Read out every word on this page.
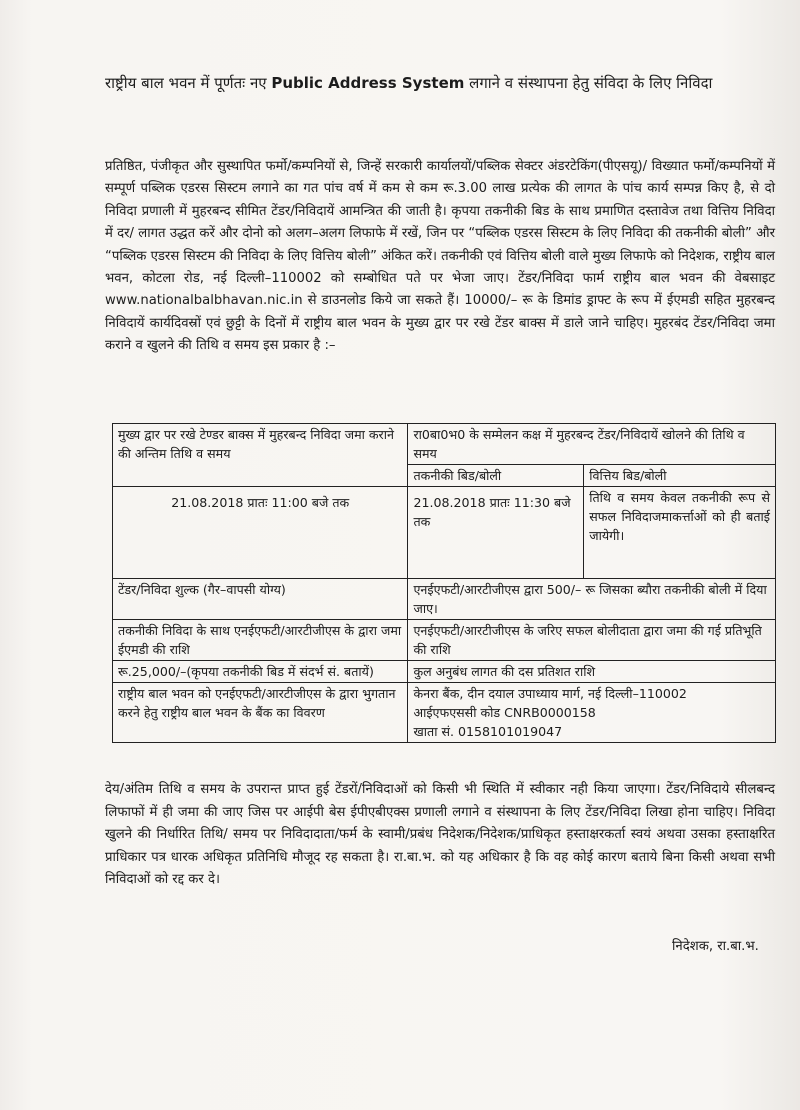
राष्ट्रीय बाल भवन में पूर्णतः नए Public Address System लगाने व संस्थापना हेतु संविदा के लिए निविदा
प्रतिष्ठित, पंजीकृत और सुस्थापित फर्मो/कम्पनियों से, जिन्हें सरकारी कार्यालयों/पब्लिक सेक्टर अंडरटेकिंग(पीएसयू)/ विख्यात फर्मो/कम्पनियों में सम्पूर्ण पब्लिक एडरस सिस्टम लगाने का गत पांच वर्ष में कम से कम रू.3.00 लाख प्रत्येक की लागत के पांच कार्य सम्पन्न किए है, से दो निविदा प्रणाली में मुहरबन्द सीमित टेंडर/निविदायें आमन्त्रित की जाती है। कृपया तकनीकी बिड के साथ प्रमाणित दस्तावेज तथा वित्तिय निविदा में दर/ लागत उद्धत करें और दोनो को अलग–अलग लिफाफे में रखें, जिन पर “पब्लिक एडरस सिस्टम के लिए निविदा की तकनीकी बोली” और “पब्लिक एडरस सिस्टम की निविदा के लिए वित्तिय बोली” अंकित करें। तकनीकी एवं वित्तिय बोली वाले मुख्य लिफाफे को निदेशक, राष्ट्रीय बाल भवन, कोटला रोड, नई दिल्ली–110002 को सम्बोधित पते पर भेजा जाए। टेंडर/निविदा फार्म राष्ट्रीय बाल भवन की वेबसाइट www.nationalbalbhavan.nic.in से डाउनलोड किये जा सकते हैं। 10000/– रू के डिमांड ड्राफ्ट के रूप में ईएमडी सहित मुहरबन्द निविदायें कार्यदिवस्रों एवं छुट्टी के दिनों में राष्ट्रीय बाल भवन के मुख्य द्वार पर रखे टेंडर बाक्स में डाले जाने चाहिए। मुहरबंद टेंडर/निविदा जमा कराने व खुलने की तिथि व समय इस प्रकार है :–
मुख्य द्वार पर रखे टेण्डर बाक्स में मुहरबन्द निविदा जमा कराने की अन्तिम तिथि व समय	रा0बा0भ0 के सम्मेलन कक्ष में मुहरबन्द टेंडर/निविदायें खोलने की तिथि व समय	
	तकनीकी बिड/बोली	वित्तिय बिड/बोली
21.08.2018 प्रातः 11:00 बजे तक	21.08.2018 प्रातः 11:30 बजे तक	तिथि व समय केवल तकनीकी रूप से सफल निविदाजमाकर्त्ताओं को ही बताई जायेगी।
टेंडर/निविदा शुल्क (गैर–वापसी योग्य)	एनईएफटी/आरटीजीएस द्वारा 500/– रू जिसका ब्यौरा तकनीकी बोली में दिया जाए।	
तकनीकी निविदा के साथ एनईएफटी/आरटीजीएस के द्वारा जमा ईएमडी की राशि	एनईएफटी/आरटीजीएस के जरिए सफल बोलीदाता द्वारा जमा की गई प्रतिभूति की राशि	
रू.25,000/–(कृपया तकनीकी बिड में संदर्भ सं. बतायें)	कुल अनुबंध लागत की दस प्रतिशत राशि	
राष्ट्रीय बाल भवन को एनईएफटी/आरटीजीएस के द्वारा भुगतान करने हेतु राष्ट्रीय बाल भवन के बैंक का विवरण	केनरा बैंक, दीन दयाल उपाध्याय मार्ग, नई दिल्ली–110002
आईएफएससी कोड CNRB0000158
खाता सं. 0158101019047	
देय/अंतिम तिथि व समय के उपरान्त प्राप्त हुई टेंडरों/निविदाओं को किसी भी स्थिति में स्वीकार नही किया जाएगा। टेंडर/निविदाये सीलबन्द लिफाफों में ही जमा की जाए जिस पर आईपी बेस ईपीएबीएक्स प्रणाली लगाने व संस्थापना के लिए टेंडर/निविदा लिखा होना चाहिए। निविदा खुलने की निर्धारित तिथि/ समय पर निविदादाता/फर्म के स्वामी/प्रबंध निदेशक/निदेशक/प्राधिकृत हस्ताक्षरकर्ता स्वयं अथवा उसका हस्ताक्षरित प्राधिकार पत्र धारक अधिकृत प्रतिनिधि मौजूद रह सकता है। रा.बा.भ. को यह अधिकार है कि वह कोई कारण बताये बिना किसी अथवा सभी निविदाओं को रद्द कर दे।
निदेशक, रा.बा.भ.
